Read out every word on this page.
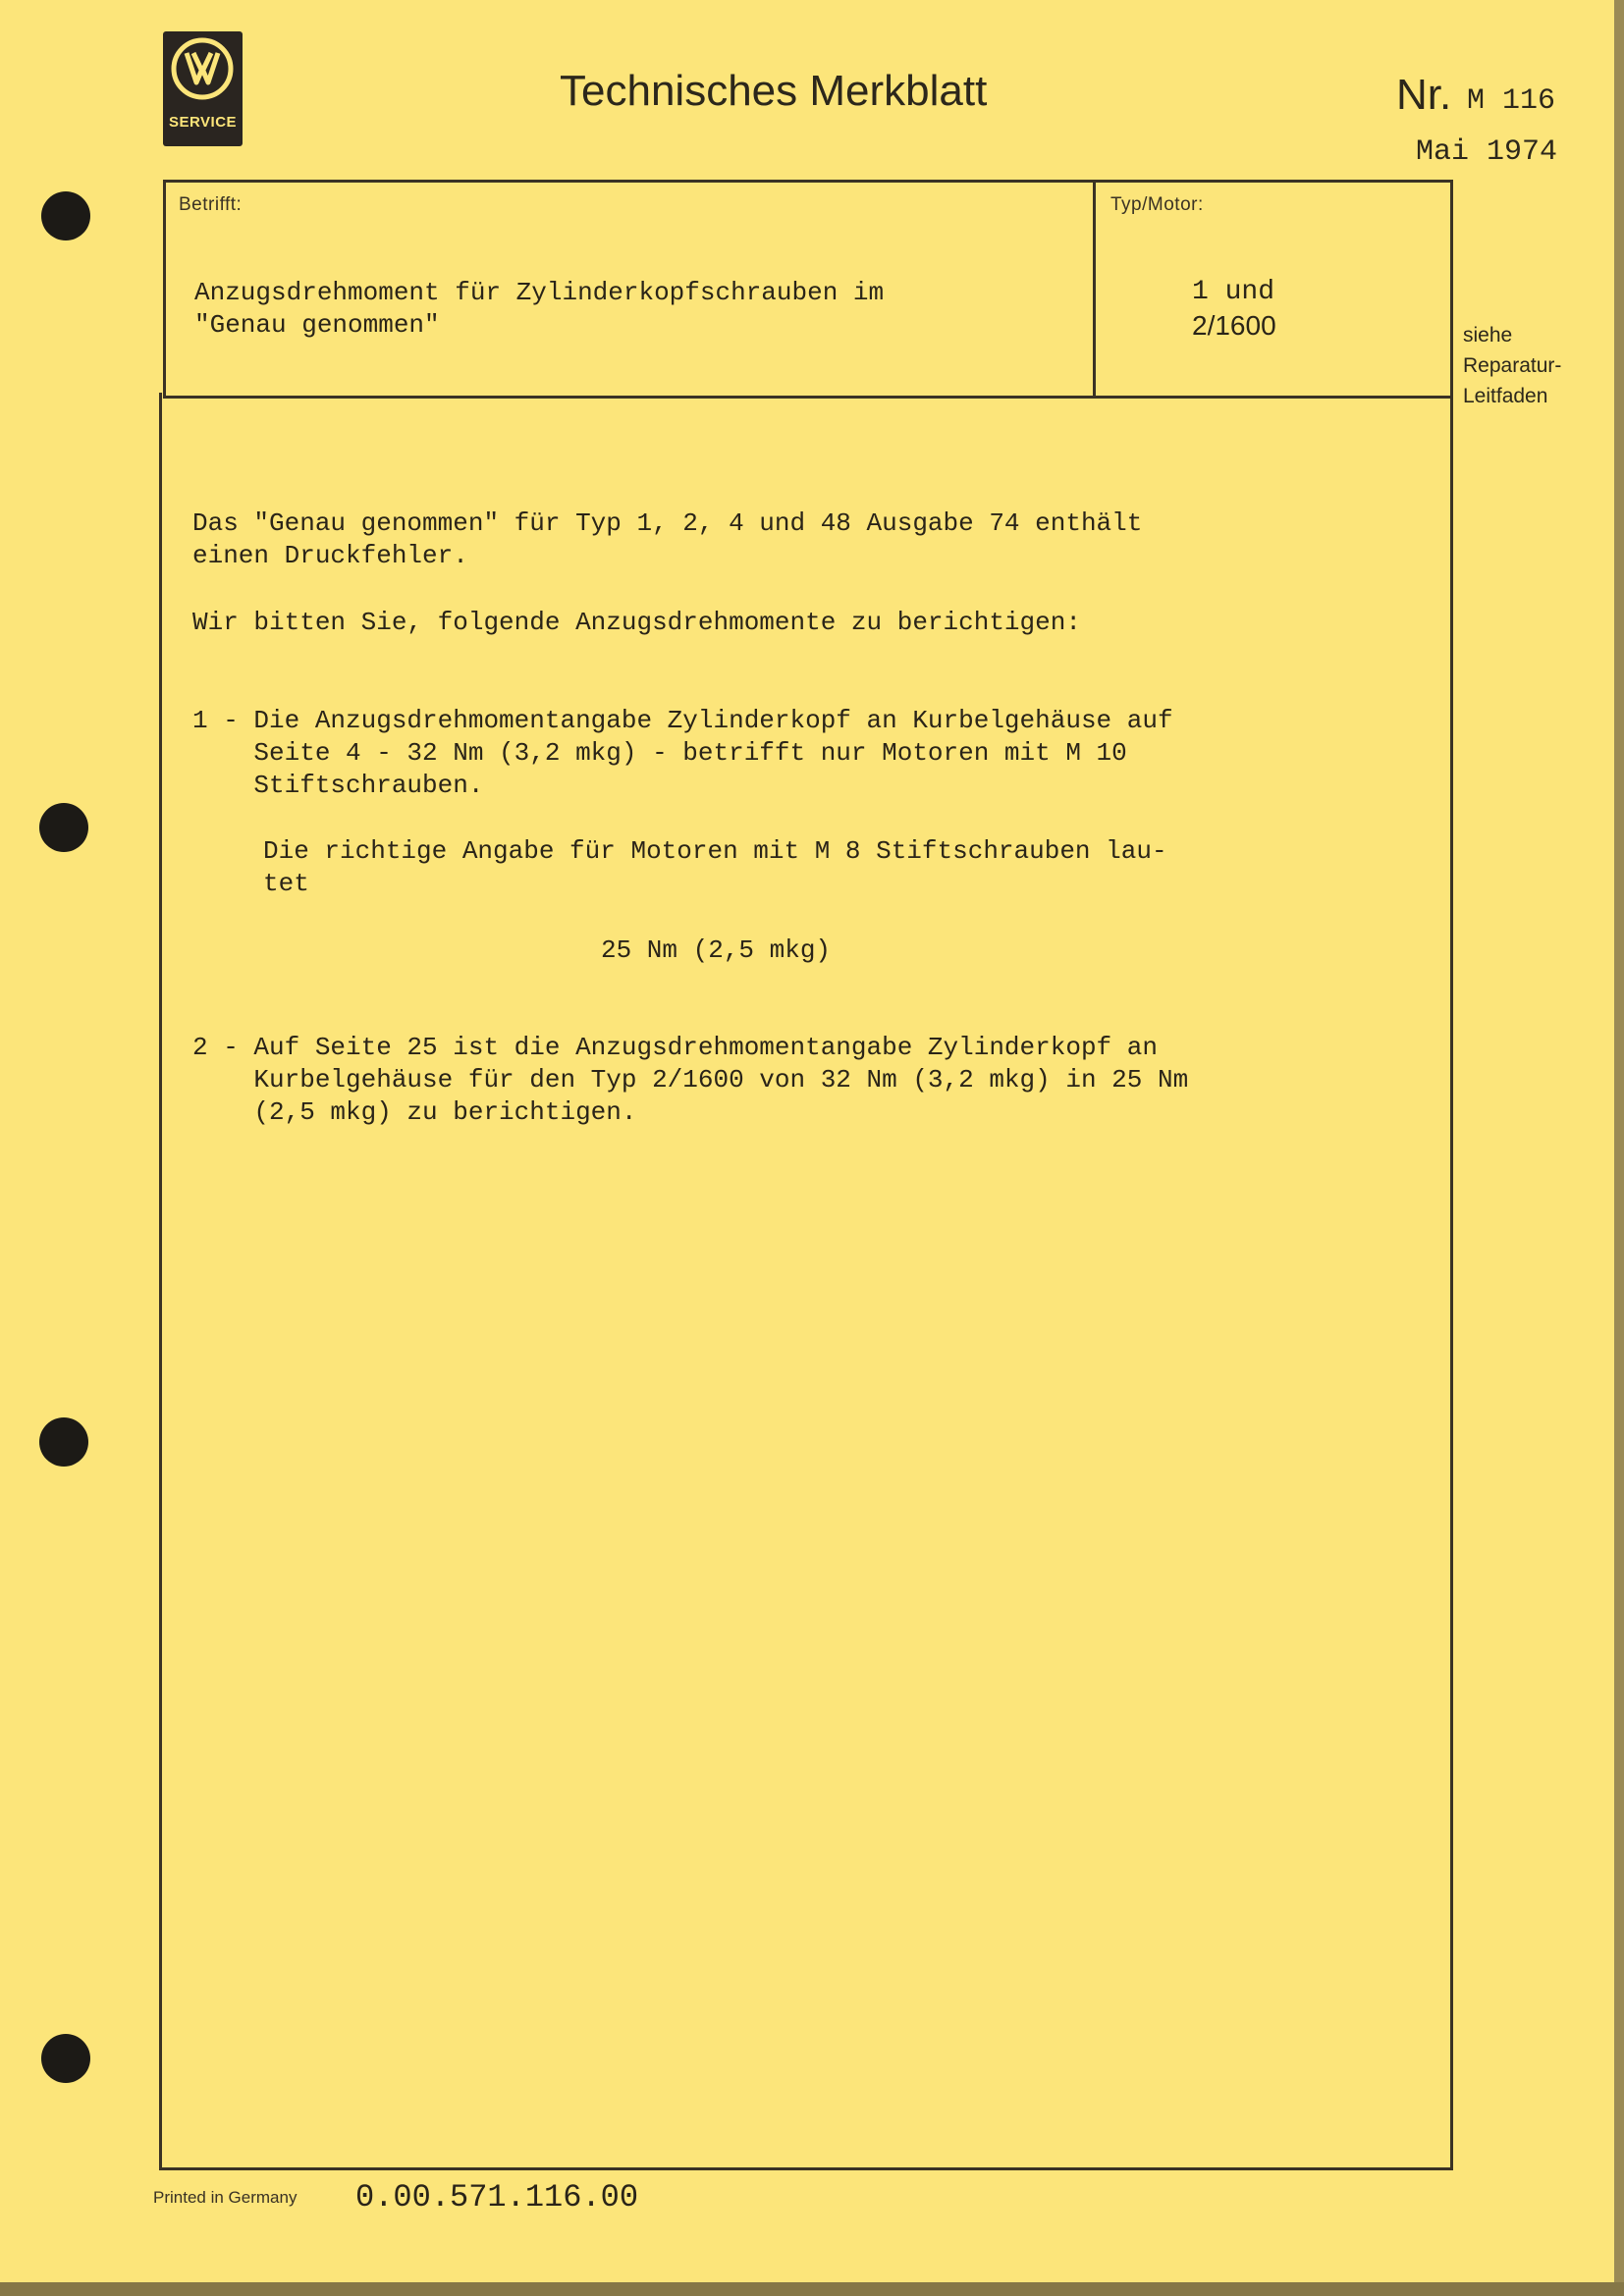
SERVICE
Technisches Merkblatt	Nr. M 116
Mai 1974
Betrifft:
Anzugsdrehmoment für Zylinderkopfschrauben im
"Genau genommen"
Typ/Motor:
1 und
2/1600	siehe
Reparatur-
Leitfaden
Das "Genau genommen" für Typ 1, 2, 4 und 48 Ausgabe 74 enthält
einen Druckfehler.
Wir bitten Sie, folgende Anzugsdrehmomente zu berichtigen:
1 - Die Anzugsdrehmomentangabe Zylinderkopf an Kurbelgehäuse auf
Seite 4 - 32 Nm (3,2 mkg) - betrifft nur Motoren mit M 10
Stiftschrauben.
Die richtige Angabe für Motoren mit M 8 Stiftschrauben lau-
tet
25 Nm (2,5 mkg)
2 - Auf Seite 25 ist die Anzugsdrehmomentangabe Zylinderkopf an
Kurbelgehäuse für den Typ 2/1600 von 32 Nm (3,2 mkg) in 25 Nm
(2,5 mkg) zu berichtigen.
Printed in Germany 0.00.571.116.00
